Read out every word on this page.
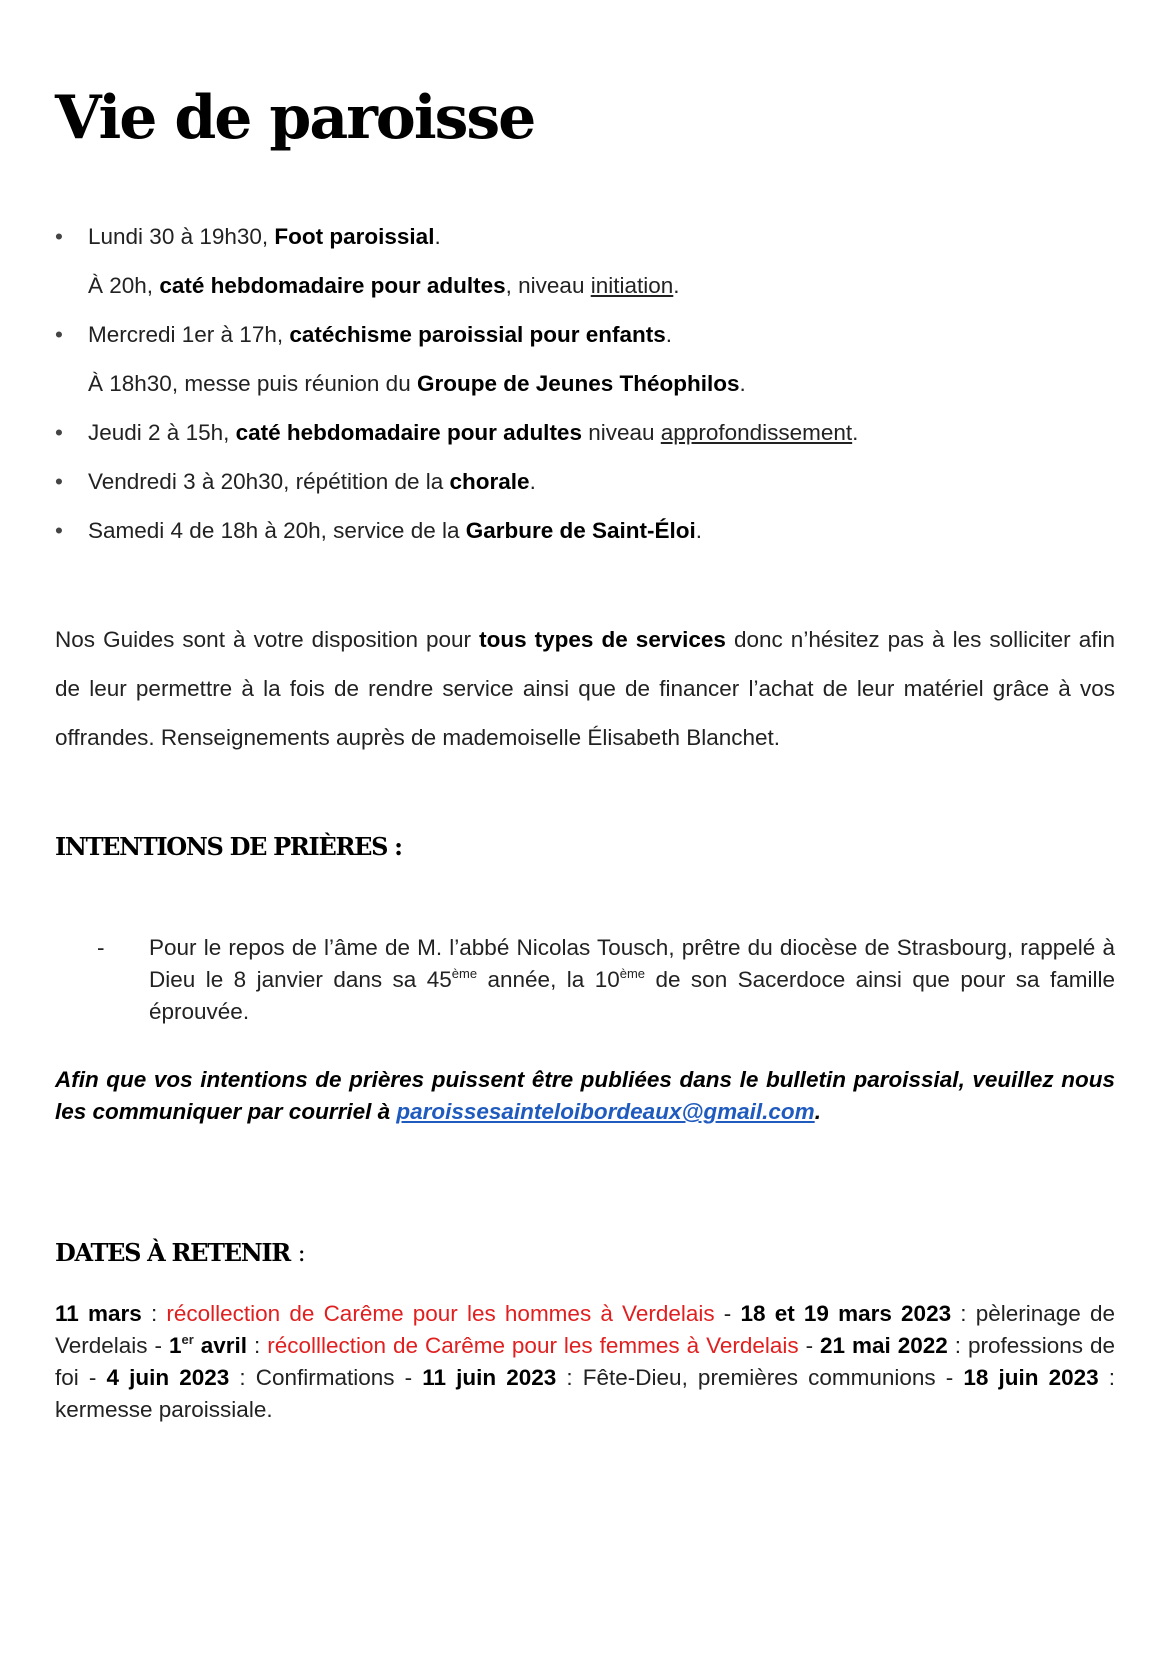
Vie de paroisse
•	Lundi 30 à 19h30, Foot paroissial.
À 20h, caté hebdomadaire pour adultes, niveau initiation.
•	Mercredi 1er à 17h, catéchisme paroissial pour enfants.
À 18h30, messe puis réunion du Groupe de Jeunes Théophilos.
•	Jeudi 2 à 15h, caté hebdomadaire pour adultes niveau approfondissement.
•	Vendredi 3 à 20h30, répétition de la chorale.
•	Samedi 4 de 18h à 20h, service de la Garbure de Saint-Éloi.

Nos Guides sont à votre disposition pour tous types de services donc n’hésitez pas à les solliciter afin de leur permettre à la fois de rendre service ainsi que de financer l’achat de leur matériel grâce à vos offrandes. Renseignements auprès de mademoiselle Élisabeth Blanchet.

INTENTIONS DE PRIÈRES :

-	Pour le repos de l’âme de M. l’abbé Nicolas Tousch, prêtre du diocèse de Strasbourg, rappelé à Dieu le 8 janvier dans sa 45ème année, la 10ème de son Sacerdoce ainsi que pour sa famille éprouvée.

Afin que vos intentions de prières puissent être publiées dans le bulletin paroissial, veuillez nous les communiquer par courriel à paroissesainteloibordeaux@gmail.com.

DATES À RETENIR :

11 mars : récollection de Carême pour les hommes à Verdelais - 18 et 19 mars 2023 : pèlerinage de Verdelais - 1er avril : récolllection de Carême pour les femmes à Verdelais - 21 mai 2022 : professions de foi - 4 juin 2023 : Confirmations - 11 juin 2023 : Fête-Dieu, premières communions - 18 juin 2023 : kermesse paroissiale.
